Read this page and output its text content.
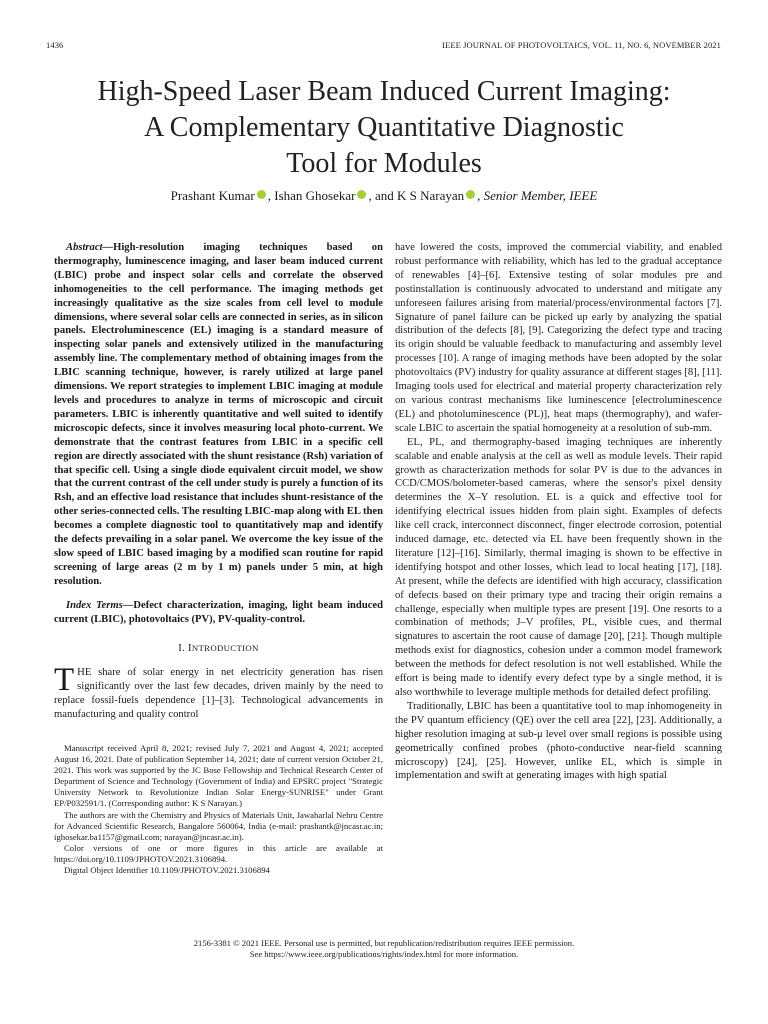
1436	IEEE JOURNAL OF PHOTOVOLTAICS, VOL. 11, NO. 6, NOVEMBER 2021
High-Speed Laser Beam Induced Current Imaging:
A Complementary Quantitative Diagnostic
Tool for Modules
Prashant Kumar , Ishan Ghosekar , and K S Narayan , Senior Member, IEEE

Abstract—High-resolution imaging techniques based on thermography, luminescence imaging, and laser beam induced current (LBIC) probe and inspect solar cells and correlate the observed inhomogeneities to the cell performance. The imaging methods get increasingly qualitative as the size scales from cell level to module dimensions, where several solar cells are connected in series, as in silicon panels. Electroluminescence (EL) imaging is a standard measure of inspecting solar panels and extensively utilized in the manufacturing assembly line. The complementary method of obtaining images from the LBIC scanning technique, however, is rarely utilized at large panel dimensions. We report strategies to implement LBIC imaging at module levels and procedures to analyze in terms of microscopic and circuit parameters. LBIC is inherently quantitative and well suited to identify microscopic defects, since it involves measuring local photo-current. We demonstrate that the contrast features from LBIC in a specific cell region are directly associated with the shunt resistance (Rsh) variation of that specific cell. Using a single diode equivalent circuit model, we show that the current contrast of the cell under study is purely a function of its Rsh, and an effective load resistance that includes shunt-resistance of the other series-connected cells. The resulting LBIC-map along with EL then becomes a complete diagnostic tool to quantitatively map and identify the defects prevailing in a solar panel. We overcome the key issue of the slow speed of LBIC based imaging by a modified scan routine for rapid screening of large areas (2 m by 1 m) panels under 5 min, at high resolution.

Index Terms—Defect characterization, imaging, light beam induced current (LBIC), photovoltaics (PV), PV-quality-control.

I. INTRODUCTION

THE share of solar energy in net electricity generation has risen significantly over the last few decades, driven mainly by the need to replace fossil-fuels dependence [1]–[3]. Technological advancements in manufacturing and quality control

Manuscript received April 8, 2021; revised July 7, 2021 and August 4, 2021; accepted August 16, 2021. Date of publication September 14, 2021; date of current version October 21, 2021. This work was supported by the JC Bose Fellowship and Technical Research Center of Department of Science and Technology (Government of India) and EPSRC project "Strategic University Network to Revolutionize Indian Solar Energy-SUNRISE" under Grant EP/P032591/1. (Corresponding author: K S Narayan.)

The authors are with the Chemistry and Physics of Materials Unit, Jawaharlal Nehru Centre for Advanced Scientific Research, Bangalore 560064, India (e-mail: prashantk@jncasr.ac.in; ighosekar.ba1157@gmail.com; narayan@jncasr.ac.in).

Color versions of one or more figures in this article are available at https://doi.org/10.1109/JPHOTOV.2021.3106894.

Digital Object Identifier 10.1109/JPHOTOV.2021.3106894

have lowered the costs, improved the commercial viability, and enabled robust performance with reliability, which has led to the gradual acceptance of renewables [4]–[6]. Extensive testing of solar modules pre and postinstallation is continuously advocated to understand and mitigate any unforeseen failures arising from material/process/environmental factors [7]. Signature of panel failure can be picked up early by analyzing the spatial distribution of the defects [8], [9]. Categorizing the defect type and tracing its origin should be valuable feedback to manufacturing and assembly level processes [10]. A range of imaging methods have been adopted by the solar photovoltaics (PV) industry for quality assurance at different stages [8], [11]. Imaging tools used for electrical and material property characterization rely on various contrast mechanisms like luminescence [electroluminescence (EL) and photoluminescence (PL)], heat maps (thermography), and wafer-scale LBIC to ascertain the spatial homogeneity at a resolution of sub-mm.

EL, PL, and thermography-based imaging techniques are inherently scalable and enable analysis at the cell as well as module levels. Their rapid growth as characterization methods for solar PV is due to the advances in CCD/CMOS/bolometer-based cameras, where the sensor's pixel density determines the X–Y resolution. EL is a quick and effective tool for identifying electrical issues hidden from plain sight. Examples of defects like cell crack, interconnect disconnect, finger electrode corrosion, potential induced damage, etc. detected via EL have been frequently shown in the literature [12]–[16]. Similarly, thermal imaging is shown to be effective in identifying hotspot and other losses, which lead to local heating [17], [18]. At present, while the defects are identified with high accuracy, classification of defects based on their primary type and tracing their origin remains a challenge, especially when multiple types are present [19]. One resorts to a combination of methods; J–V profiles, PL, visible cues, and thermal signatures to ascertain the root cause of damage [20], [21]. Though multiple methods exist for diagnostics, cohesion under a common model framework between the methods for defect resolution is not well established. While the effort is being made to identify every defect type by a single method, it is also worthwhile to leverage multiple methods for detailed defect profiling.

Traditionally, LBIC has been a quantitative tool to map inhomogeneity in the PV quantum efficiency (QE) over the cell area [22], [23]. Additionally, a higher resolution imaging at sub-μ level over small regions is possible using geometrically confined probes (photo-conductive near-field scanning microscopy) [24], [25]. However, unlike EL, which is simple in implementation and swift at generating images with high spatial

2156-3381 © 2021 IEEE. Personal use is permitted, but republication/redistribution requires IEEE permission.
See https://www.ieee.org/publications/rights/index.html for more information.
